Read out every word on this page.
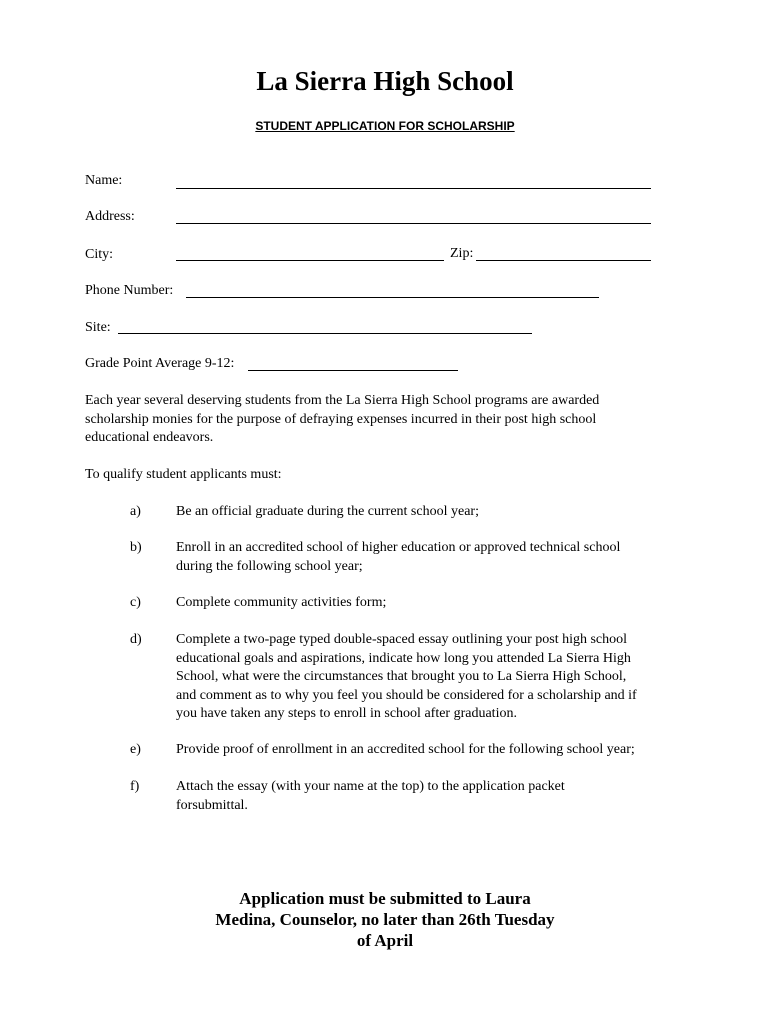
La Sierra High School
STUDENT APPLICATION FOR SCHOLARSHIP
Name:
Address:
City:	Zip:
Phone Number:
Site:
Grade Point Average 9-12:
Each year several deserving students from the La Sierra High School programs are awarded
scholarship monies for the purpose of defraying expenses incurred in their post high school
educational endeavors.
To qualify student applicants must:
a)	Be an official graduate during the current school year;
b) Enroll in an accredited school of higher education or approved technical school
during the following school year;
c)	Complete community activities form;
d) Complete a two-page typed double-spaced essay outlining your post high school
educational goals and aspirations, indicate how long you attended La Sierra High
School, what were the circumstances that brought you to La Sierra High School,
and comment as to why you feel you should be considered for a scholarship and if
you have taken any steps to enroll in school after graduation.
e)	Provide proof of enrollment in an accredited school for the following school year;
f)	Attach the essay (with your name at the top) to the application packet
forsubmittal.
Application must be submitted to Laura
Medina, Counselor, no later than 26th Tuesday
of April
